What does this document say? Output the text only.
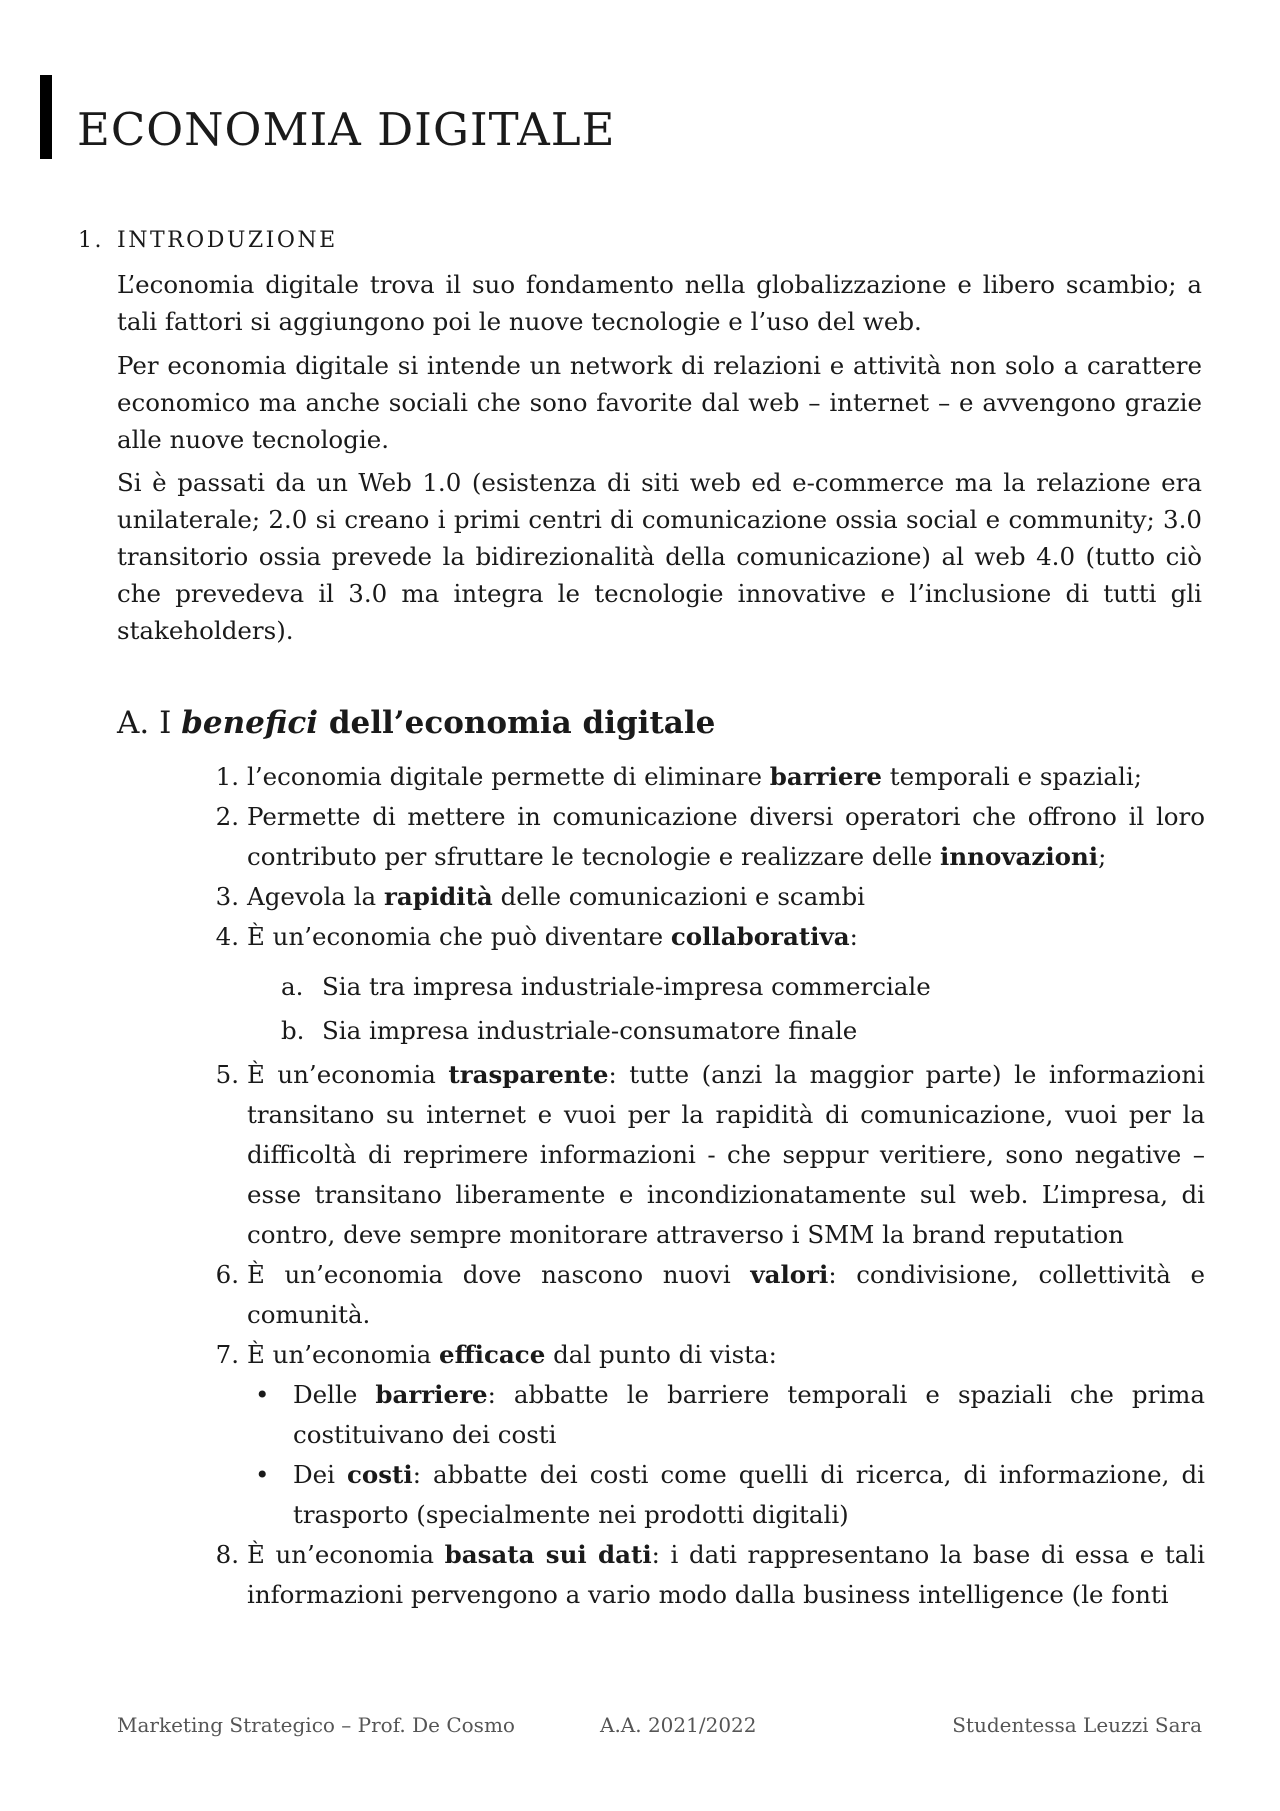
ECONOMIA DIGITALE
1. INTRODUZIONE
L’economia digitale trova il suo fondamento nella globalizzazione e libero scambio; a tali fattori si aggiungono poi le nuove tecnologie e l’uso del web.
Per economia digitale si intende un network di relazioni e attività non solo a carattere economico ma anche sociali che sono favorite dal web – internet – e avvengono grazie alle nuove tecnologie.
Si è passati da un Web 1.0 (esistenza di siti web ed e-commerce ma la relazione era unilaterale; 2.0 si creano i primi centri di comunicazione ossia social e community; 3.0 transitorio ossia prevede la bidirezionalità della comunicazione) al web 4.0 (tutto ciò che prevedeva il 3.0 ma integra le tecnologie innovative e l’inclusione di tutti gli stakeholders).
A. I benefici dell’economia digitale
1. l’economia digitale permette di eliminare barriere temporali e spaziali;
2. Permette di mettere in comunicazione diversi operatori che offrono il loro contributo per sfruttare le tecnologie e realizzare delle innovazioni;
3. Agevola la rapidità delle comunicazioni e scambi
4. È un’economia che può diventare collaborativa:
a. Sia tra impresa industriale-impresa commerciale
b. Sia impresa industriale-consumatore finale
5. È un’economia trasparente: tutte (anzi la maggior parte) le informazioni transitano su internet e vuoi per la rapidità di comunicazione, vuoi per la difficoltà di reprimere informazioni - che seppur veritiere, sono negative – esse transitano liberamente e incondizionatamente sul web. L’impresa, di contro, deve sempre monitorare attraverso i SMM la brand reputation
6. È un’economia dove nascono nuovi valori: condivisione, collettività e comunità.
7. È un’economia efficace dal punto di vista:
• Delle barriere: abbatte le barriere temporali e spaziali che prima costituivano dei costi
• Dei costi: abbatte dei costi come quelli di ricerca, di informazione, di trasporto (specialmente nei prodotti digitali)
8. È un’economia basata sui dati: i dati rappresentano la base di essa e tali informazioni pervengono a vario modo dalla business intelligence (le fonti
Marketing Strategico – Prof. De Cosmo	A.A. 2021/2022	Studentessa Leuzzi Sara
